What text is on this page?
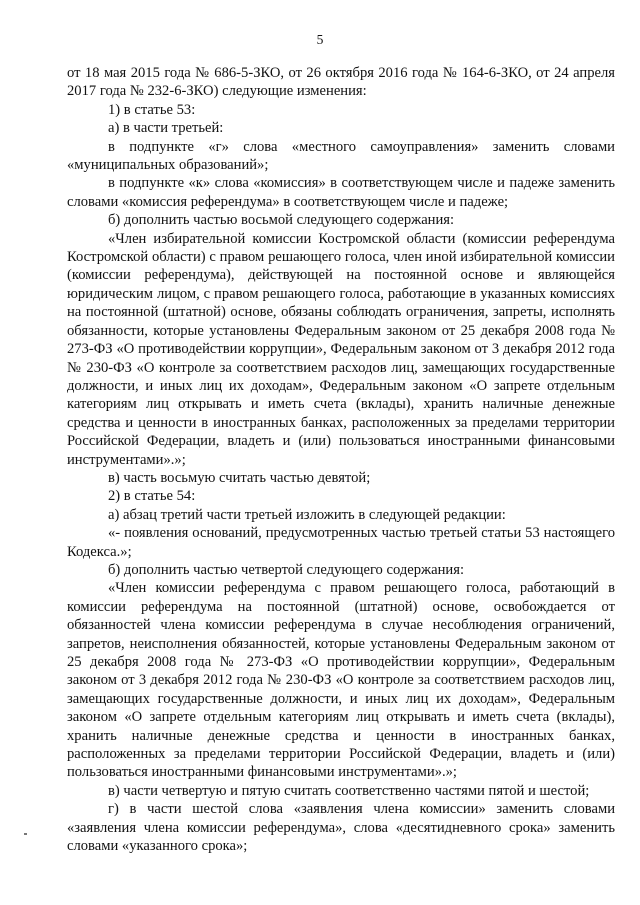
5

от 18 мая 2015 года № 686-5-ЗКО, от 26 октября 2016 года № 164-6-ЗКО, от 24 апреля 2017 года № 232-6-ЗКО) следующие изменения:

1) в статье 53:

а) в части третьей:

в подпункте «г» слова «местного самоуправления» заменить словами «муниципальных образований»;

в подпункте «к» слова «комиссия» в соответствующем числе и падеже заменить словами «комиссия референдума» в соответствующем числе и падеже;

б) дополнить частью восьмой следующего содержания:

«Член избирательной комиссии Костромской области (комиссии референдума Костромской области) с правом решающего голоса, член иной избирательной комиссии (комиссии референдума), действующей на постоянной основе и являющейся юридическим лицом, с правом решающего голоса, работающие в указанных комиссиях на постоянной (штатной) основе, обязаны соблюдать ограничения, запреты, исполнять обязанности, которые установлены Федеральным законом от 25 декабря 2008 года № 273-ФЗ «О противодействии коррупции», Федеральным законом от 3 декабря 2012 года № 230-ФЗ «О контроле за соответствием расходов лиц, замещающих государственные должности, и иных лиц их доходам», Федеральным законом «О запрете отдельным категориям лиц открывать и иметь счета (вклады), хранить наличные денежные средства и ценности в иностранных банках, расположенных за пределами территории Российской Федерации, владеть и (или) пользоваться иностранными финансовыми инструментами».»;

в) часть восьмую считать частью девятой;

2) в статье 54:

а) абзац третий части третьей изложить в следующей редакции:

«- появления оснований, предусмотренных частью третьей статьи 53 настоящего Кодекса.»;

б) дополнить частью четвертой следующего содержания:

«Член комиссии референдума с правом решающего голоса, работающий в комиссии референдума на постоянной (штатной) основе, освобождается от обязанностей члена комиссии референдума в случае несоблюдения ограничений, запретов, неисполнения обязанностей, которые установлены Федеральным законом от 25 декабря 2008 года № 273-ФЗ «О противодействии коррупции», Федеральным законом от 3 декабря 2012 года № 230-ФЗ «О контроле за соответствием расходов лиц, замещающих государственные должности, и иных лиц их доходам», Федеральным законом «О запрете отдельным категориям лиц открывать и иметь счета (вклады), хранить наличные денежные средства и ценности в иностранных банках, расположенных за пределами территории Российской Федерации, владеть и (или) пользоваться иностранными финансовыми инструментами».»;

в) части четвертую и пятую считать соответственно частями пятой и шестой;

г) в части шестой слова «заявления члена комиссии» заменить словами «заявления члена комиссии референдума», слова «десятидневного срока» заменить словами «указанного срока»;
